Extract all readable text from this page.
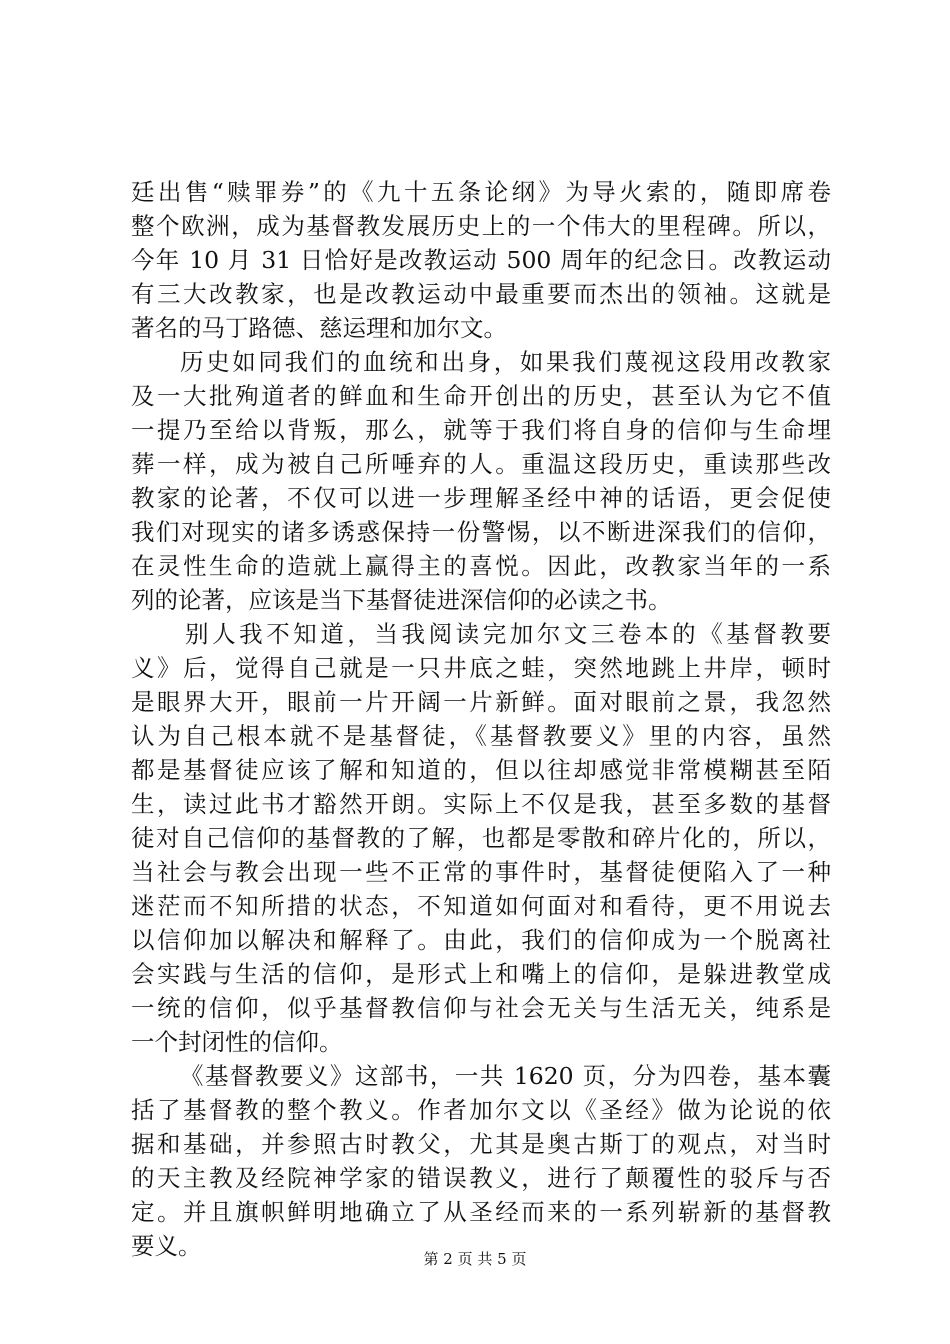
廷出售“赎罪券”的《九十五条论纲》为导火索的，随即席卷
整个欧洲，成为基督教发展历史上的一个伟大的里程碑。所以，
今年 10 月 31 日恰好是改教运动 500 周年的纪念日。改教运动
有三大改教家，也是改教运动中最重要而杰出的领袖。这就是
著名的马丁路德、慈运理和加尔文。
历史如同我们的血统和出身，如果我们蔑视这段用改教家
及一大批殉道者的鲜血和生命开创出的历史，甚至认为它不值
一提乃至给以背叛，那么，就等于我们将自身的信仰与生命埋
葬一样，成为被自己所唾弃的人。重温这段历史，重读那些改
教家的论著，不仅可以进一步理解圣经中神的话语，更会促使
我们对现实的诸多诱惑保持一份警惕，以不断进深我们的信仰，
在灵性生命的造就上赢得主的喜悦。因此，改教家当年的一系
列的论著，应该是当下基督徒进深信仰的必读之书。
别人我不知道，当我阅读完加尔文三卷本的《基督教要
义》后，觉得自己就是一只井底之蛙，突然地跳上井岸，顿时
是眼界大开，眼前一片开阔一片新鲜。面对眼前之景，我忽然
认为自己根本就不是基督徒，《基督教要义》里的内容，虽然
都是基督徒应该了解和知道的，但以往却感觉非常模糊甚至陌
生，读过此书才豁然开朗。实际上不仅是我，甚至多数的基督
徒对自己信仰的基督教的了解，也都是零散和碎片化的，所以，
当社会与教会出现一些不正常的事件时，基督徒便陷入了一种
迷茫而不知所措的状态，不知道如何面对和看待，更不用说去
以信仰加以解决和解释了。由此，我们的信仰成为一个脱离社
会实践与生活的信仰，是形式上和嘴上的信仰，是躲进教堂成
一统的信仰，似乎基督教信仰与社会无关与生活无关，纯系是
一个封闭性的信仰。
《基督教要义》这部书，一共 1620 页，分为四卷，基本囊
括了基督教的整个教义。作者加尔文以《圣经》做为论说的依
据和基础，并参照古时教父，尤其是奥古斯丁的观点，对当时
的天主教及经院神学家的错误教义，进行了颠覆性的驳斥与否
定。并且旗帜鲜明地确立了从圣经而来的一系列崭新的基督教
要义。	第 2 页 共 5 页
